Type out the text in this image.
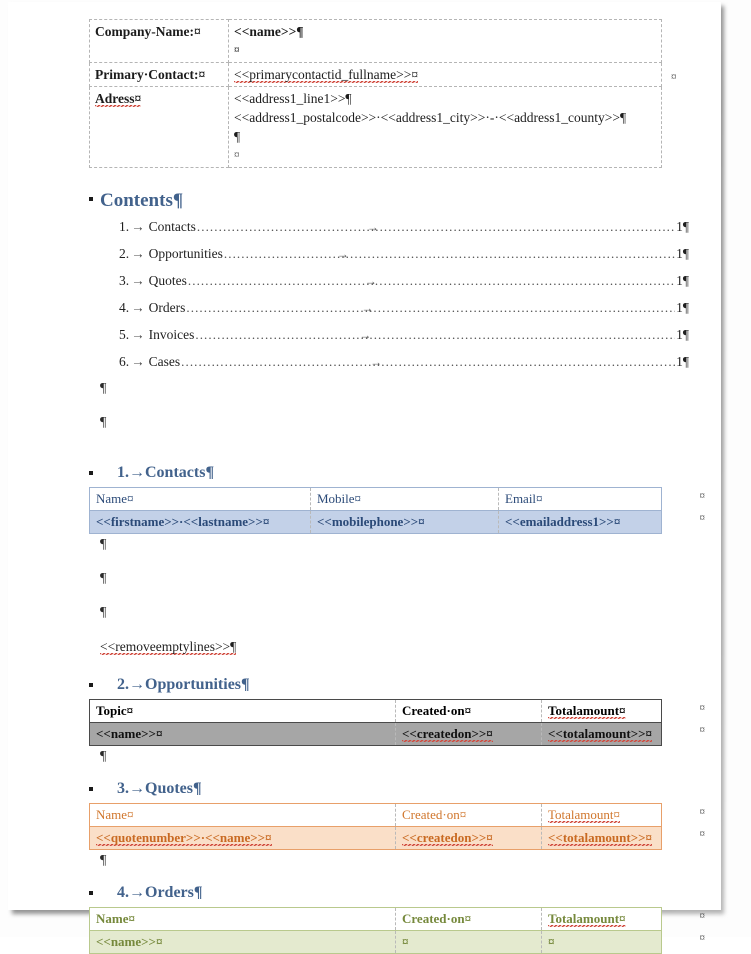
Company-Name:¤	<<name>>¶
¤

Primary·Contact:¤	<<primarycontactid_fullname>>¤
Adress¤	<<address1_line1>>¶
<<address1_postalcode>>·<<address1_city>>·-·<<address1_county>>¶
¶
¤
¤
Contents¶
1. → Contacts	..... →	1¶
2. → Opportunities	..... →	1¶
3. → Quotes	..... →	1¶
4. → Orders	..... →	1¶
5. → Invoices	..... →	1¶
6. → Cases	..... →	1¶
¶
¶
1.→Contacts¶
Name¤	Mobile¤	Email¤
<<firstname>>·<<lastname>>¤	<<mobilephone>>¤	<<emailaddress1>>¤
¤
¤
¶
¶
¶
<<removeemptylines>>¶
2.→Opportunities¶
Topic¤	Created·on¤	Totalamount¤
<<name>>¤	<<createdon>>¤	<<totalamount>>¤
¤
¤
¶
3.→Quotes¶
Name¤	Created·on¤	Totalamount¤
<<quotenumber>>·<<name>>¤	<<createdon>>¤	<<totalamount>>¤
¤
¤
¶
4.→Orders¶
Name¤	Created·on¤	Totalamount¤
<<name>>¤	¤	¤
¤
¤
